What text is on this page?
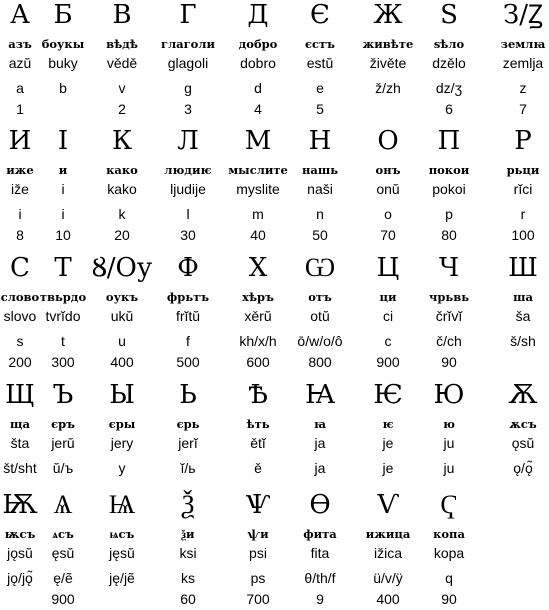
А
азъ
azŭ
a
1
Б
боукы
buky
b
В
вѣдѣ
vědě
v
2
Г
глаголи
glagoli
g
3
Д
добро
dobro
d
4
Є
єстъ
estŭ
e
5
Ж
живѣте
živěte
ž/zh
Ѕ
ѕѣло
dzělo
dz/ʒ
6
З/Ꙁ
землꙗ
zemlja
z
7
И
иже
iže
i
8
І
и
i
i
10
К
како
kako
k
20
Л
людиѥ
ljudije
l
30
М
мыслите
myslite
m
40
Н
нашь
naši
n
50
О
онъ
onŭ
o
70
П
покои
pokoi
p
80
Р
рьци
rĭci
r
100
С
слово
slovo
s
200
Т
твьрдо
tvrĭdo
t
300
Ȣ/Оу
оукъ
ukŭ
u
400
Ф
фрьтъ
frĭtŭ
f
500
Х
хѣръ
xěrŭ
kh/x/h
600
Ѡ
отъ
otŭ
ō/w/o/ô
800
Ц
ци
ci
c
900
Ч
чрьвь
črĭvĭ
č/ch
90
Ш
ша
ša
š/sh
Щ
ща
šta
št/sht
Ъ
єръ
jerŭ
ŭ/ъ
Ы
єры
jery
y
Ь
єрь
jerĭ
ĭ/ь
Ѣ
ѣть
ětĭ
ě
Ꙗ
ꙗ
ja
ja
Ѥ
ѥ
je
je
Ю
ю
ju
ju
Ѫ
ѫсъ
ǫsŭ
ǫ/ǫ̃
Ѭ
ѭсъ
jǫsŭ
jǫ/jǫ̃
Ѧ
ѧсъ
ęsŭ
ę/ẽ
900
Ѩ
ѩсъ
jęsŭ
ję/jẽ
Ѯ
ѯи
ksi
ks
60
Ѱ
ѱи
psi
ps
700
Ѳ
фита
fita
θ/th/f
9
Ѵ
ижица
ižica
ü/v/ÿ
400
Ҁ
копа
kopa
q
90
